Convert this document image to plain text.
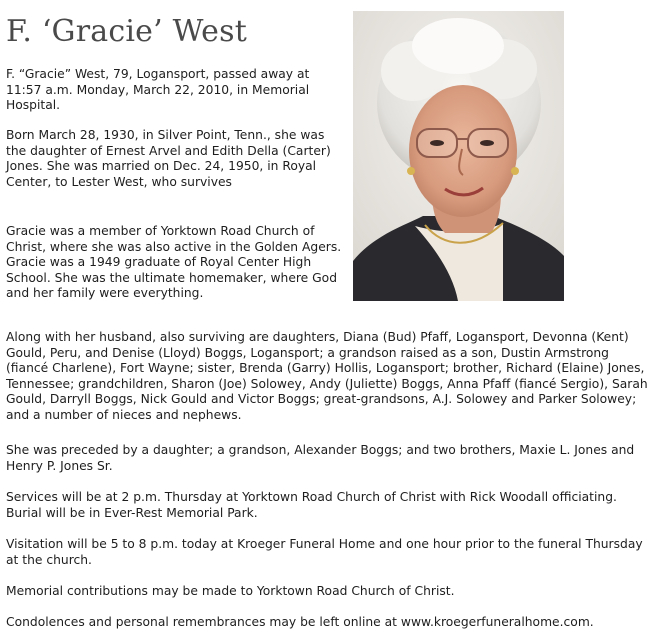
F. ‘Gracie’ West

F. “Gracie” West, 79, Logansport, passed away at 11:57 a.m. Monday, March 22, 2010, in Memorial Hospital.

Born March 28, 1930, in Silver Point, Tenn., she was the daughter of Ernest Arvel and Edith Della (Carter) Jones. She was married on Dec. 24, 1950, in Royal Center, to Lester West, who survives

Gracie was a member of Yorktown Road Church of Christ, where she was also active in the Golden Agers. Gracie was a 1949 graduate of Royal Center High School. She was the ultimate homemaker, where God and her family were everything.

Along with her husband, also surviving are daughters, Diana (Bud) Pfaff, Logansport, Devonna (Kent) Gould, Peru, and Denise (Lloyd) Boggs, Logansport; a grandson raised as a son, Dustin Armstrong (fiancé Charlene), Fort Wayne; sister, Brenda (Garry) Hollis, Logansport; brother, Richard (Elaine) Jones, Tennessee; grandchildren, Sharon (Joe) Solowey, Andy (Juliette) Boggs, Anna Pfaff (fiancé Sergio), Sarah Gould, Darryll Boggs, Nick Gould and Victor Boggs; great-grandsons, A.J. Solowey and Parker Solowey; and a number of nieces and nephews.

She was preceded by a daughter; a grandson, Alexander Boggs; and two brothers, Maxie L. Jones and Henry P. Jones Sr.

Services will be at 2 p.m. Thursday at Yorktown Road Church of Christ with Rick Woodall officiating. Burial will be in Ever-Rest Memorial Park.

Visitation will be 5 to 8 p.m. today at Kroeger Funeral Home and one hour prior to the funeral Thursday at the church.

Memorial contributions may be made to Yorktown Road Church of Christ.

Condolences and personal remembrances may be left online at www.kroegerfuneralhome.com.
